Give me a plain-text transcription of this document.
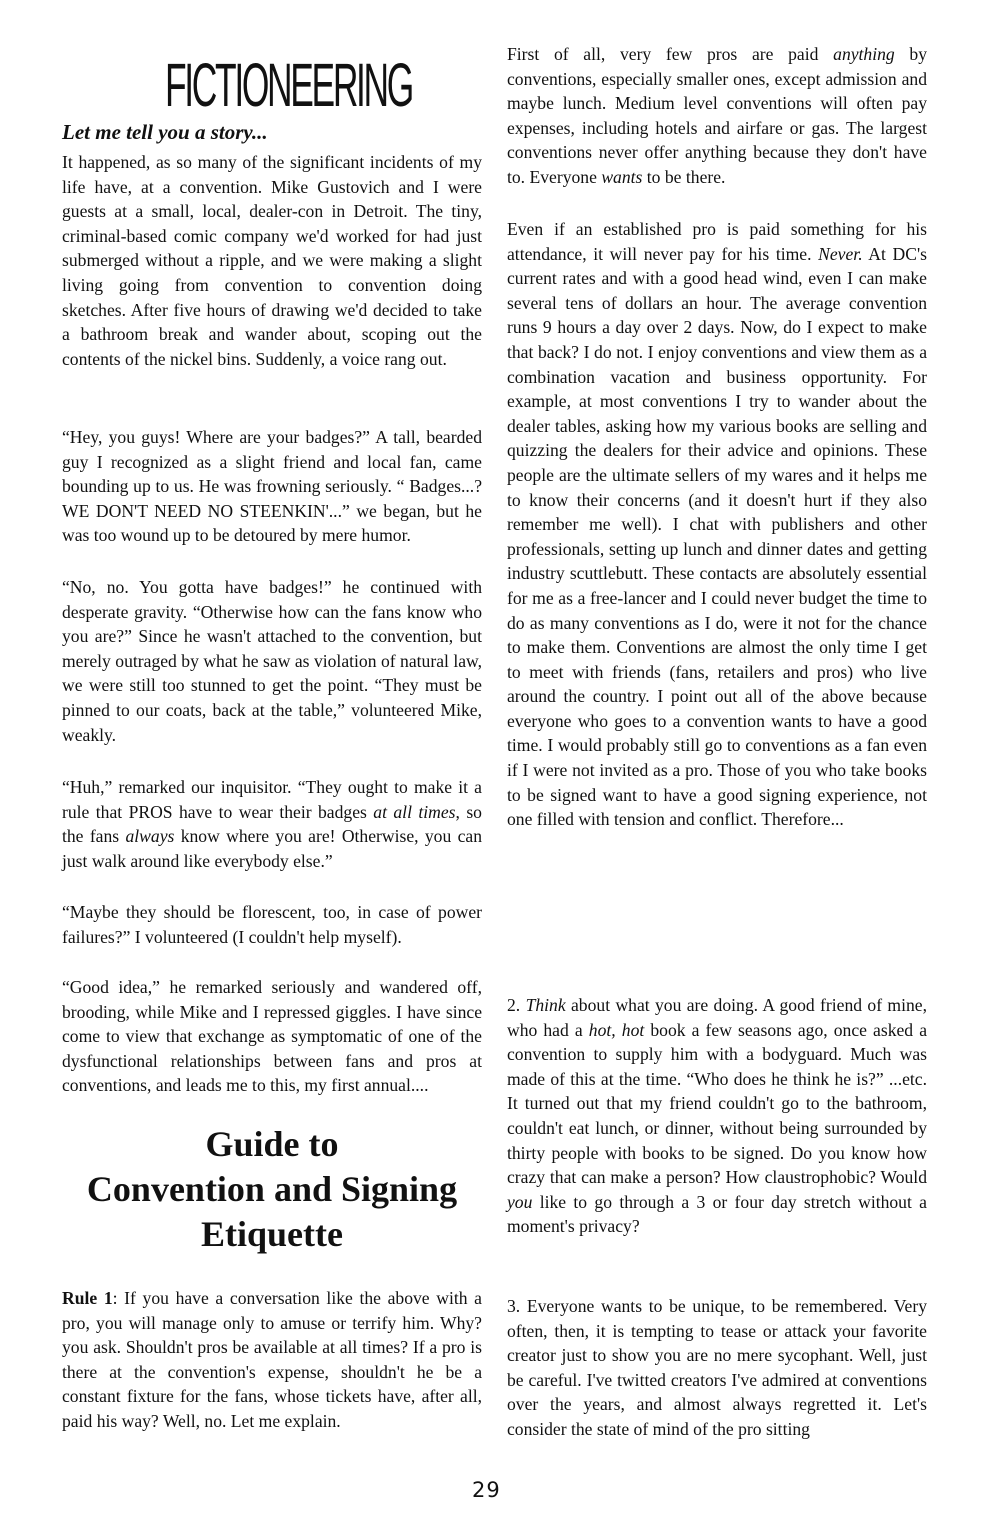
FICTIONEERING
Let me tell you a story...

It happened, as so many of the significant incidents of my life have, at a convention. Mike Gustovich and I were guests at a small, local, dealer-con in Detroit. The tiny, criminal-based comic company we'd worked for had just submerged without a ripple, and we were making a slight living going from convention to convention doing sketches. After five hours of drawing we'd decided to take a bathroom break and wander about, scoping out the contents of the nickel bins. Suddenly, a voice rang out.

“Hey, you guys! Where are your badges?” A tall, bearded guy I recognized as a slight friend and local fan, came bounding up to us. He was frowning seriously. “ Badges...? WE DON'T NEED NO STEENKIN'...” we began, but he was too wound up to be detoured by mere humor.

“No, no. You gotta have badges!” he continued with desperate gravity. “Otherwise how can the fans know who you are?” Since he wasn't attached to the convention, but merely outraged by what he saw as violation of natural law, we were still too stunned to get the point. “They must be pinned to our coats, back at the table,” volunteered Mike, weakly.

“Huh,” remarked our inquisitor. “They ought to make it a rule that PROS have to wear their badges at all times, so the fans always know where you are! Otherwise, you can just walk around like everybody else.”

“Maybe they should be florescent, too, in case of power failures?” I volunteered (I couldn't help myself).

“Good idea,” he remarked seriously and wandered off, brooding, while Mike and I repressed giggles. I have since come to view that exchange as symptomatic of one of the dysfunctional relationships between fans and pros at conventions, and leads me to this, my first annual....

Guide to
Convention and Signing
Etiquette

Rule 1: If you have a conversation like the above with a pro, you will manage only to amuse or terrify him. Why? you ask. Shouldn't pros be available at all times? If a pro is there at the convention's expense, shouldn't he be a constant fixture for the fans, whose tickets have, after all, paid his way? Well, no. Let me explain.

First of all, very few pros are paid anything by conventions, especially smaller ones, except admission and maybe lunch. Medium level conventions will often pay expenses, including hotels and airfare or gas. The largest conventions never offer anything because they don't have to. Everyone wants to be there.

Even if an established pro is paid something for his attendance, it will never pay for his time. Never. At DC's current rates and with a good head wind, even I can make several tens of dollars an hour. The average convention runs 9 hours a day over 2 days. Now, do I expect to make that back? I do not. I enjoy conventions and view them as a combination vacation and business opportunity. For example, at most conventions I try to wander about the dealer tables, asking how my various books are selling and quizzing the dealers for their advice and opinions. These people are the ultimate sellers of my wares and it helps me to know their concerns (and it doesn't hurt if they also remember me well). I chat with publishers and other professionals, setting up lunch and dinner dates and getting industry scuttlebutt. These contacts are absolutely essential for me as a free-lancer and I could never budget the time to do as many conventions as I do, were it not for the chance to make them. Conventions are almost the only time I get to meet with friends (fans, retailers and pros) who live around the country. I point out all of the above because everyone who goes to a convention wants to have a good time. I would probably still go to conventions as a fan even if I were not invited as a pro. Those of you who take books to be signed want to have a good signing experience, not one filled with tension and conflict. Therefore...

2. Think about what you are doing. A good friend of mine, who had a hot, hot book a few seasons ago, once asked a convention to supply him with a bodyguard. Much was made of this at the time. “Who does he think he is?” ...etc. It turned out that my friend couldn't go to the bathroom, couldn't eat lunch, or dinner, without being surrounded by thirty people with books to be signed. Do you know how crazy that can make a person? How claustrophobic? Would you like to go through a 3 or four day stretch without a moment's privacy?

3. Everyone wants to be unique, to be remembered. Very often, then, it is tempting to tease or attack your favorite creator just to show you are no mere sycophant. Well, just be careful. I've twitted creators I've admired at conventions over the years, and almost always regretted it. Let's consider the state of mind of the pro sitting

29
